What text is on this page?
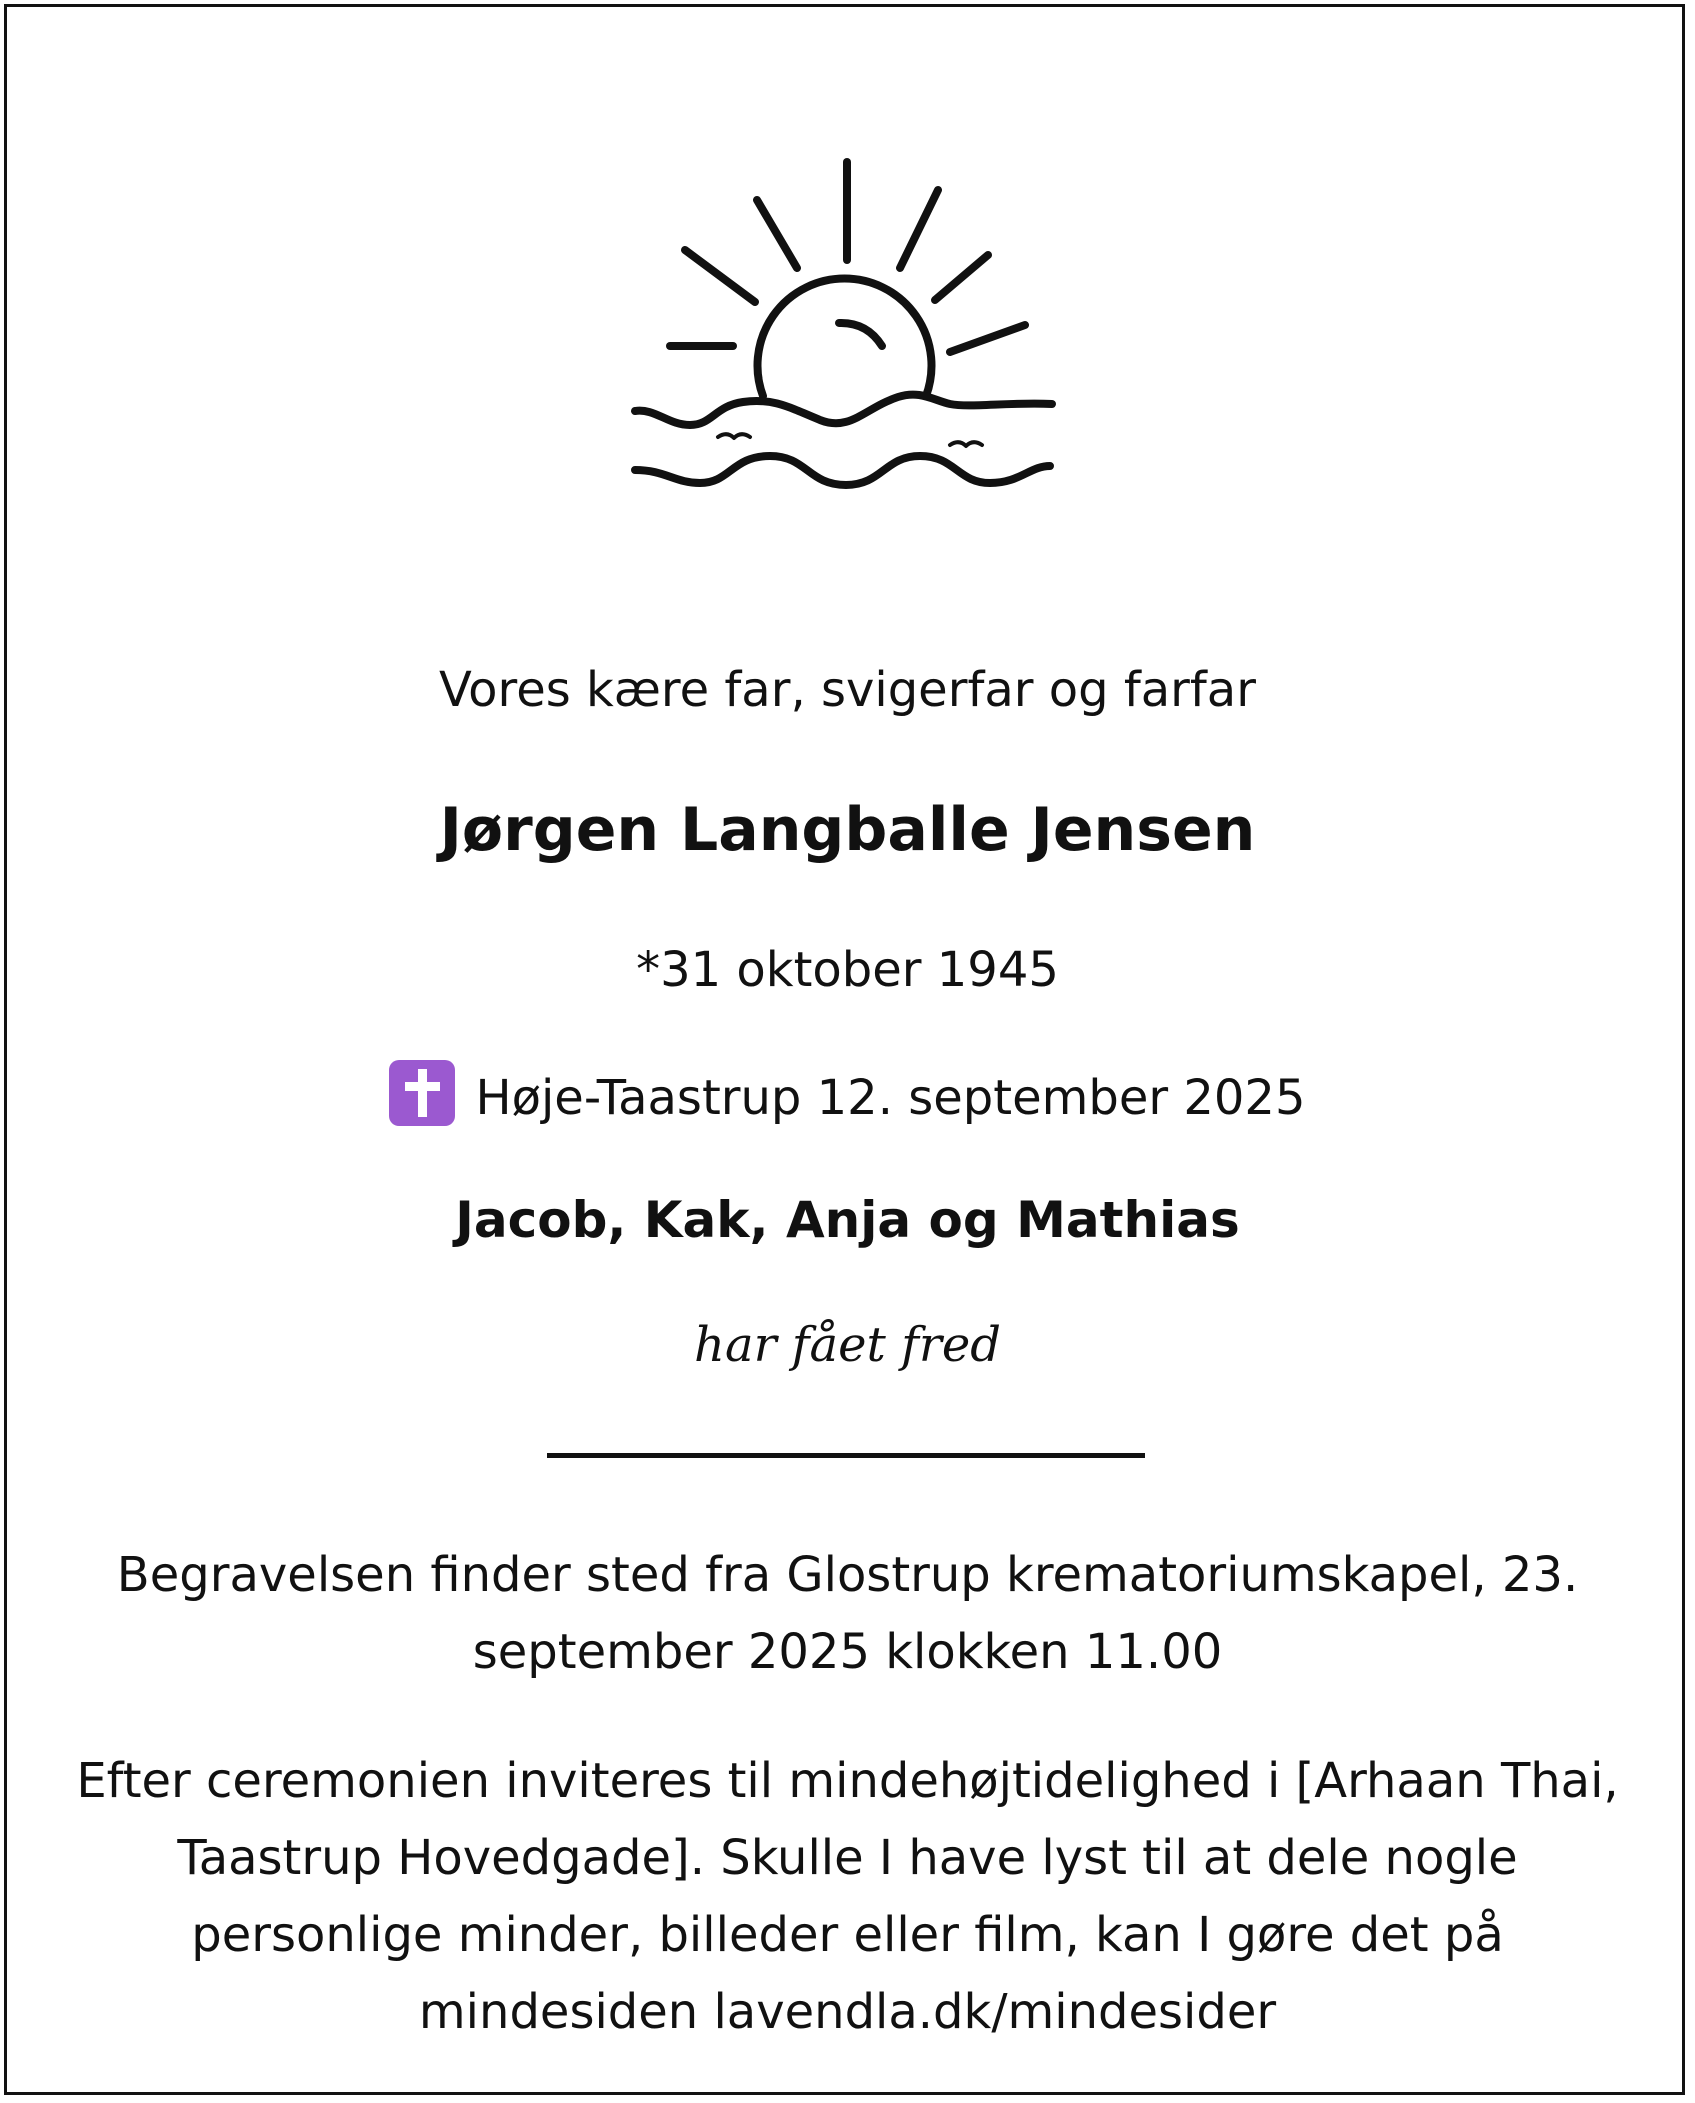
Vores kære far, svigerfar og farfar
Jørgen Langballe Jensen
*31 oktober 1945
Høje-Taastrup 12. september 2025
Jacob, Kak, Anja og Mathias
har fået fred
Begravelsen finder sted fra Glostrup krematoriumskapel, 23.
september 2025 klokken 11.00
Efter ceremonien inviteres til mindehøjtidelighed i [Arhaan Thai,
Taastrup Hovedgade]. Skulle I have lyst til at dele nogle
personlige minder, billeder eller film, kan I gøre det på
mindesiden lavendla.dk/mindesider
